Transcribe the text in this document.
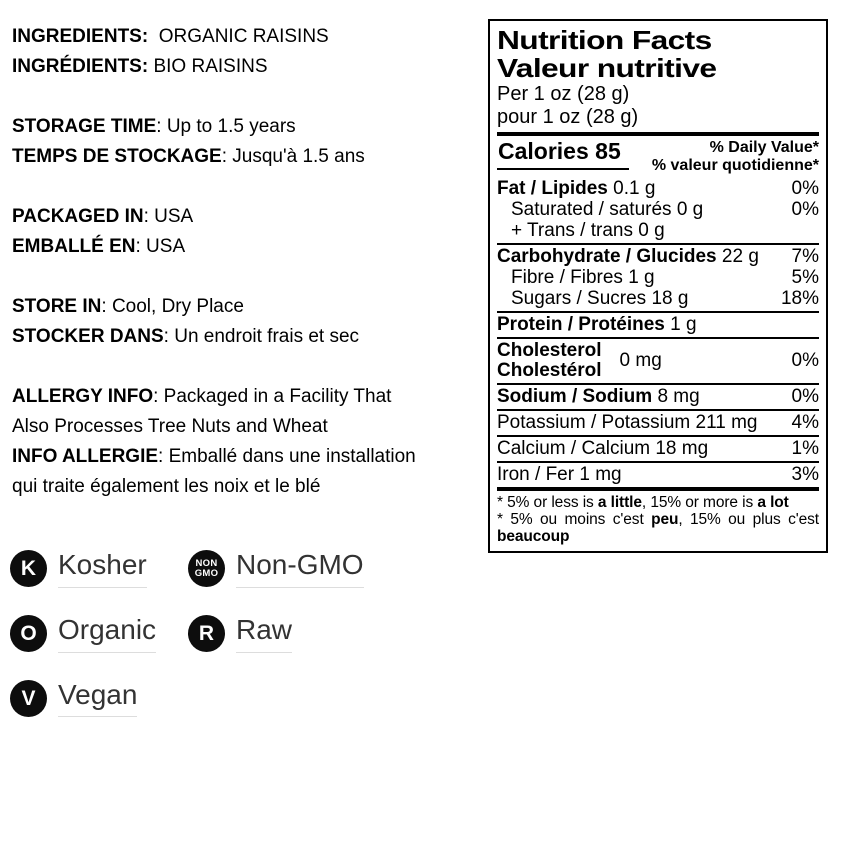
INGREDIENTS:  ORGANIC RAISINS

INGRÉDIENTS: BIO RAISINS

STORAGE TIME: Up to 1.5 years

TEMPS DE STOCKAGE: Jusqu'à 1.5 ans

PACKAGED IN: USA

EMBALLÉ EN: USA

STORE IN: Cool, Dry Place

STOCKER DANS: Un endroit frais et sec

ALLERGY INFO: Packaged in a Facility That

Also Processes Tree Nuts and Wheat

INFO ALLERGIE: Emballé dans une installation

qui traite également les noix et le blé

K Kosher	NON
GMO Non-GMO
O Organic R Raw
V Vegan
Nutrition Facts
Valeur nutritive
Per 1 oz (28 g)
pour 1 oz (28 g)
Calories 85	% Daily Value*
% valeur quotidienne*
Fat / Lipides 0.1 g	0%
Saturated / saturés 0 g	0%
+ Trans / trans 0 g
Carbohydrate / Glucides 22 g 7%
Fibre / Fibres 1 g	5%
Sugars / Sucres 18 g	18%
Protein / Protéines 1 g
Cholesterol
Cholestérol 0 mg	0%
Sodium / Sodium 8 mg	0%
Potassium / Potassium 211 mg 4%
Calcium / Calcium 18 mg	1%
Iron / Fer 1 mg	3%
* 5% or less is a little, 15% or more is a lot
* 5% ou moins c'est peu, 15% ou plus c'est beaucoup
